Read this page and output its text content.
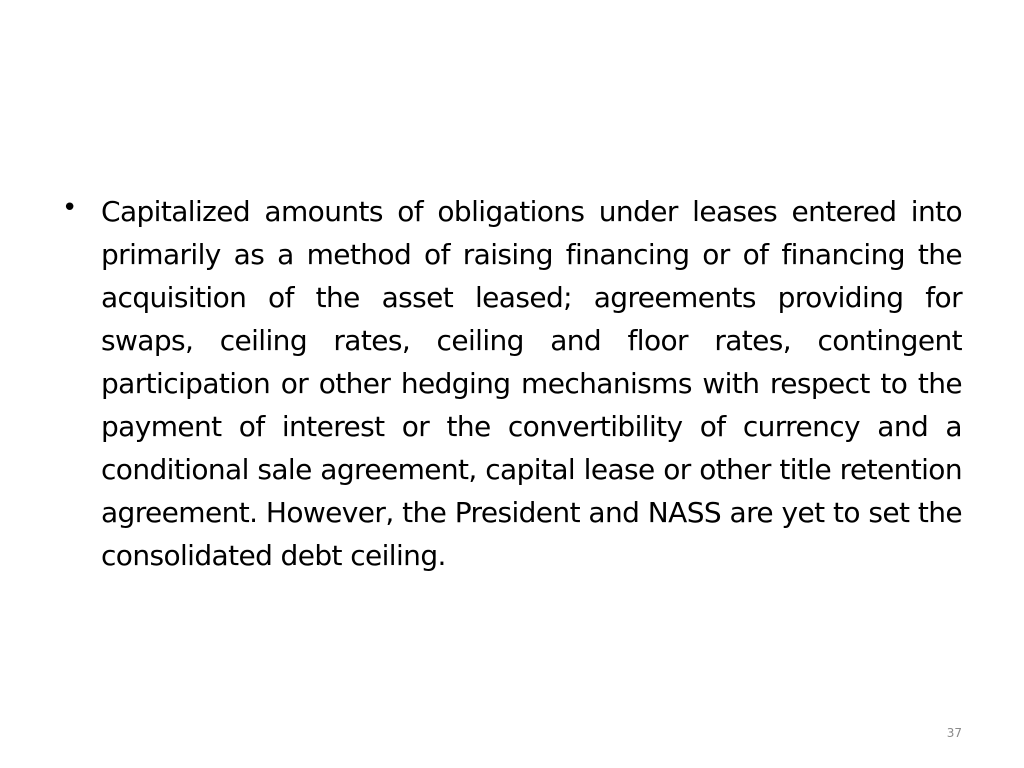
• Capitalized amounts of obligations under leases entered into primarily as a method of raising financing or of financing the acquisition of the asset leased; agreements providing for swaps, ceiling rates, ceiling and floor rates, contingent participation or other hedging mechanisms with respect to the payment of interest or the convertibility of currency and a conditional sale agreement, capital lease or other title retention agreement. However, the President and NASS are yet to set the consolidated debt ceiling.
37
